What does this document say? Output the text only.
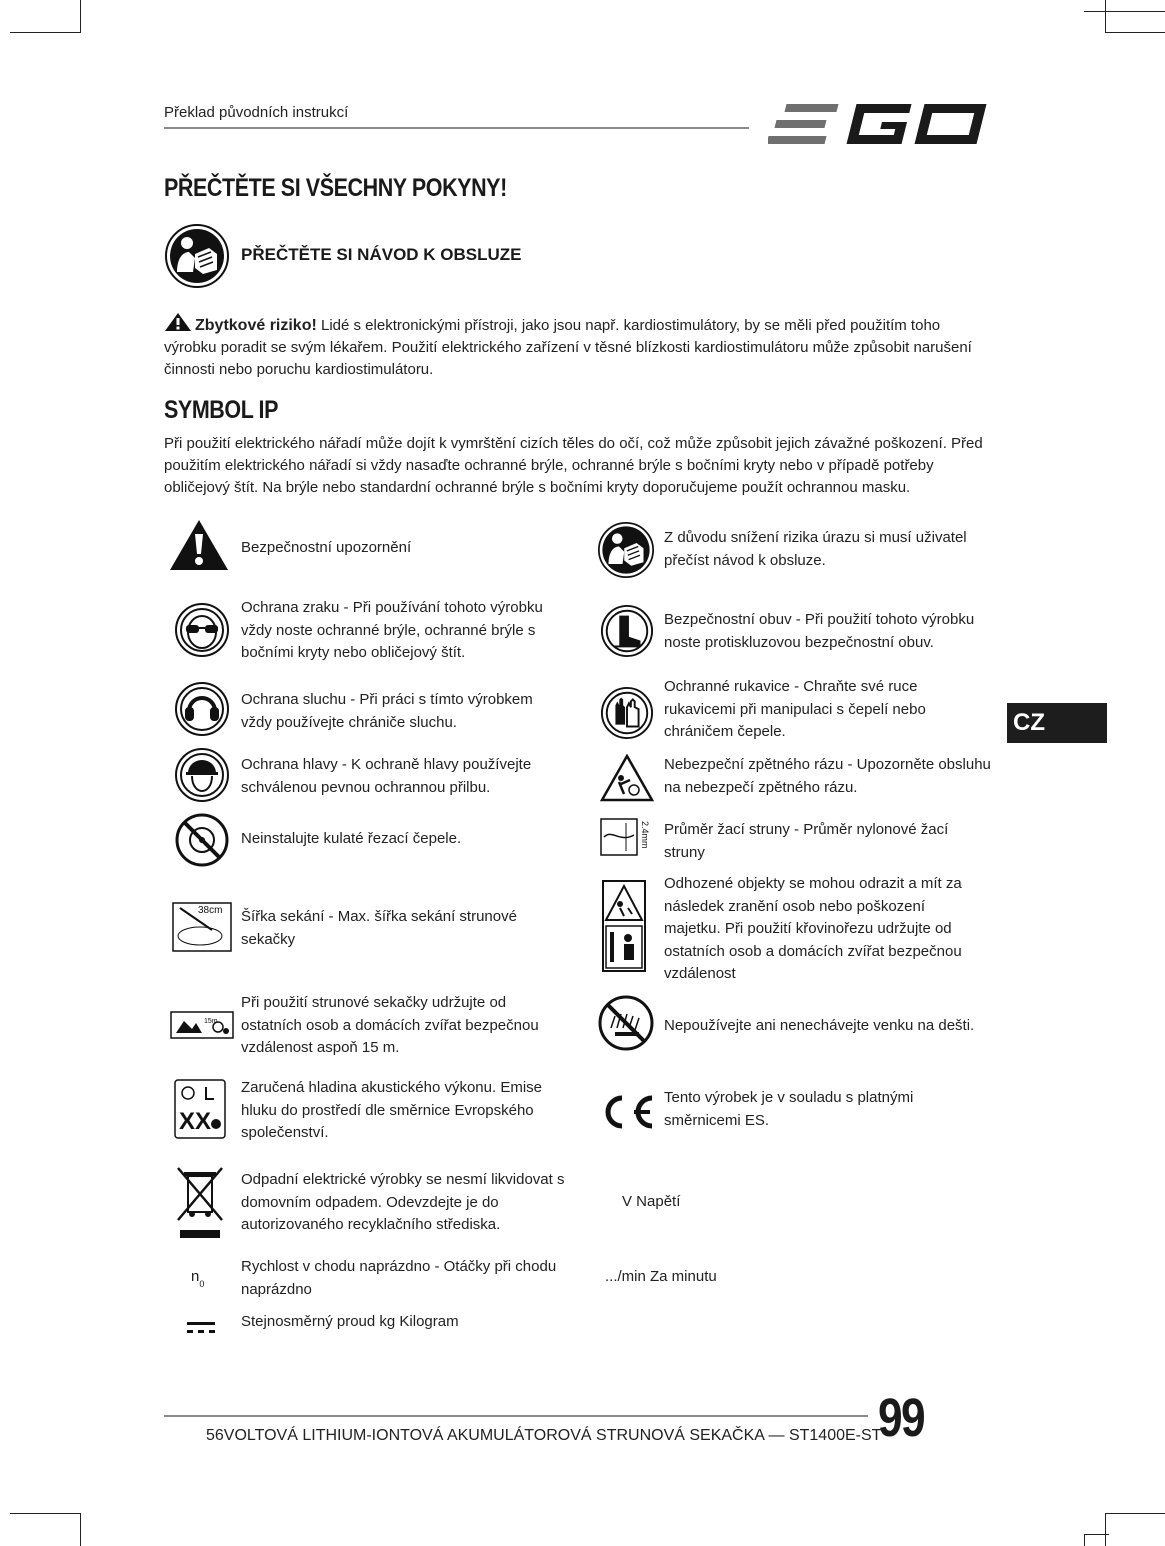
Překlad původních instrukcí
PŘEČTĚTE SI VŠECHNY POKYNY!
PŘEČTĚTE SI NÁVOD K OBSLUZE
Zbytkové riziko! Lidé s elektronickými přístroji, jako jsou např. kardiostimulátory, by se měli před použitím toho výrobku poradit se svým lékařem. Použití elektrického zařízení v těsné blízkosti kardiostimulátoru může způsobit narušení činnosti nebo poruchu kardiostimulátoru.
SYMBOL IP
Při použití elektrického nářadí může dojít k vymrštění cizích těles do očí, což může způsobit jejich závažné poškození. Před použitím elektrického nářadí si vždy nasaďte ochranné brýle, ochranné brýle s bočními kryty nebo v případě potřeby obličejový štít. Na brýle nebo standardní ochranné brýle s bočními kryty doporučujeme použít ochrannou masku.
Bezpečnostní upozornění
Ochrana zraku - Při používání tohoto výrobku vždy noste ochranné brýle, ochranné brýle s bočními kryty nebo obličejový štít.
Ochrana sluchu - Při práci s tímto výrobkem vždy používejte chrániče sluchu.
Ochrana hlavy - K ochraně hlavy používejte schválenou pevnou ochrannou přilbu.
Neinstalujte kulaté řezací čepele.
38cm Šířka sekání - Max. šířka sekání strunové sekačky
15m
Při použití strunové sekačky udržujte od ostatních osob a domácích zvířat bezpečnou vzdálenost aspoň 15 m.
XX
Zaručená hladina akustického výkonu. Emise hluku do prostředí dle směrnice Evropského společenství.
Odpadní elektrické výrobky se nesmí likvidovat s domovním odpadem. Odevzdejte je do autorizovaného recyklačního střediska.
$n_0$
Rychlost v chodu naprázdno - Otáčky při chodu naprázdno
Stejnosměrný proud kg Kilogram
Z důvodu snížení rizika úrazu si musí uživatel přečíst návod k obsluze.
Bezpečnostní obuv - Při použití tohoto výrobku noste protiskluzovou bezpečnostní obuv.
Ochranné rukavice - Chraňte své ruce rukavicemi při manipulaci s čepelí nebo chráničem čepele.
Nebezpeční zpětného rázu - Upozorněte obsluhu na nebezpečí zpětného rázu.
2.4mm Průměr žací struny - Průměr nylonové žací struny
Odhozené objekty se mohou odrazit a mít za následek zranění osob nebo poškození majetku. Při použití křovinořezu udržujte od ostatních osob a domácích zvířat bezpečnou vzdálenost
Nepoužívejte ani nenechávejte venku na dešti.
Tento výrobek je v souladu s platnými směrnicemi ES.
V Napětí
.../min Za minutu
CZ
56VOLTOVÁ LITHIUM-IONTOVÁ AKUMULÁTOROVÁ STRUNOVÁ SEKAČKA — ST1400E-ST
99
